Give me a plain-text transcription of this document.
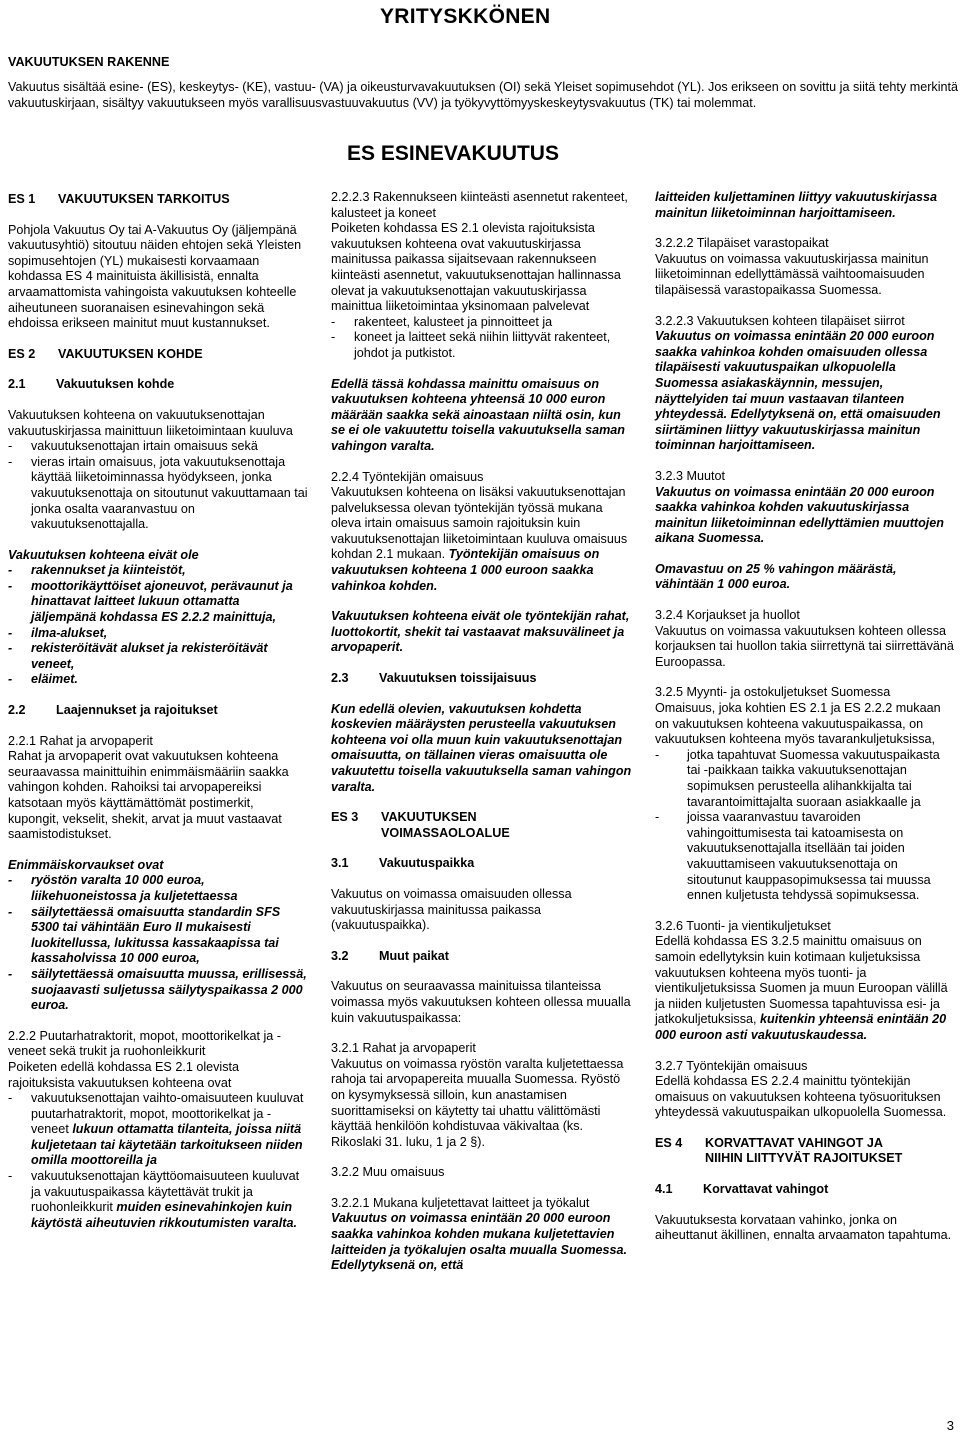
YRITYSKKÖNEN
VAKUUTUKSEN RAKENNE

Vakuutus sisältää esine- (ES), keskeytys- (KE), vastuu- (VA) ja oikeusturvavakuutuksen (OI) sekä Yleiset sopimusehdot (YL). Jos erikseen on sovittu ja siitä tehty merkintä vakuutuskirjaan, sisältyy vakuutukseen myös varallisuusvastuuvakuutus (VV) ja työkyvyttömyyskeskeytysvakuutus (TK) tai molemmat.

ES ESINEVAKUUTUS
ES 1 VAKUUTUKSEN TARKOITUS

Pohjola Vakuutus Oy tai A-Vakuutus Oy (jäljempänä vakuutusyhtiö) sitoutuu näiden ehtojen sekä Yleisten sopimusehtojen (YL) mukaisesti korvaamaan kohdassa ES 4 mainituista äkillisistä, ennalta arvaamattomista vahingoista vakuutuksen kohteelle aiheutuneen suoranaisen esinevahingon sekä ehdoissa erikseen mainitut muut kustannukset.

ES 2 VAKUUTUKSEN KOHDE
2.1 Vakuutuksen kohde

Vakuutuksen kohteena on vakuutuksenottajan vakuutuskirjassa mainittuun liiketoimintaan kuuluva

-	vakuutuksenottajan irtain omaisuus sekä
-	vieras irtain omaisuus, jota vakuutuksenottaja käyttää liiketoiminnassa hyödykseen, jonka vakuutuksenottaja on sitoutunut vakuuttamaan tai jonka osalta vaaranvastuu on vakuutuksenottajalla.

Vakuutuksen kohteena eivät ole

-	rakennukset ja kiinteistöt,
-	moottorikäyttöiset ajoneuvot, perävaunut ja hinattavat laitteet lukuun ottamatta jäljempänä kohdassa ES 2.2.2 mainittuja,
-	ilma-alukset,
-	rekisteröitävät alukset ja rekisteröitävät veneet,
-	eläimet.
2.2 Laajennukset ja rajoitukset

2.2.1 Rahat ja arvopaperit

Rahat ja arvopaperit ovat vakuutuksen kohteena seuraavassa mainittuihin enimmäismääriin saakka vahingon kohden. Rahoiksi tai arvopapereiksi katsotaan myös käyttämättömät postimerkit, kupongit, vekselit, shekit, arvat ja muut vastaavat saamistodistukset.

Enimmäiskorvaukset ovat

-	ryöstön varalta 10 000 euroa, liikehuoneistossa ja kuljetettaessa
-	säilytettäessä omaisuutta standardin SFS 5300 tai vähintään Euro II mukaisesti luokitellussa, lukitussa kassakaapissa tai kassaholvissa 10 000 euroa,
-	säilytettäessä omaisuutta muussa, erillisessä, suojaavasti suljetussa säilytyspaikassa 2 000 euroa.

2.2.2 Puutarhatraktorit, mopot, moottorikelkat ja -veneet sekä trukit ja ruohonleikkurit

Poiketen edellä kohdassa ES 2.1 olevista rajoituksista vakuutuksen kohteena ovat

-	vakuutuksenottajan vaihto-omaisuuteen kuuluvat puutarhatraktorit, mopot, moottorikelkat ja -veneet lukuun ottamatta tilanteita, joissa niitä kuljetetaan tai käytetään tarkoitukseen niiden omilla moottoreilla ja
-	vakuutuksenottajan käyttöomaisuuteen kuuluvat ja vakuutuspaikassa käytettävät trukit ja ruohonleikkurit muiden esinevahinkojen kuin käytöstä aiheutuvien rikkoutumisten varalta.

2.2.2.3 Rakennukseen kiinteästi asennetut rakenteet, kalusteet ja koneet

Poiketen kohdassa ES 2.1 olevista rajoituksista vakuutuksen kohteena ovat vakuutuskirjassa mainitussa paikassa sijaitsevaan rakennukseen kiinteästi asennetut, vakuutuksenottajan hallinnassa olevat ja vakuutuksenottajan vakuutuskirjassa mainittua liiketoimintaa yksinomaan palvelevat

-	rakenteet, kalusteet ja pinnoitteet ja
-	koneet ja laitteet sekä niihin liittyvät rakenteet, johdot ja putkistot.

Edellä tässä kohdassa mainittu omaisuus on vakuutuksen kohteena yhteensä 10 000 euron määrään saakka sekä ainoastaan niiltä osin, kun se ei ole vakuutettu toisella vakuutuksella saman vahingon varalta.

2.2.4 Työntekijän omaisuus

Vakuutuksen kohteena on lisäksi vakuutuksenottajan palveluksessa olevan työntekijän työssä mukana oleva irtain omaisuus samoin rajoituksin kuin vakuutuksenottajan liiketoimintaan kuuluva omaisuus kohdan 2.1 mukaan. Työntekijän omaisuus on vakuutuksen kohteena 1 000 euroon saakka vahinkoa kohden.

Vakuutuksen kohteena eivät ole työntekijän rahat, luottokortit, shekit tai vastaavat maksuvälineet ja arvopaperit.

2.3 Vakuutuksen toissijaisuus

Kun edellä olevien, vakuutuksen kohdetta koskevien määräysten perusteella vakuutuksen kohteena voi olla muun kuin vakuutuksenottajan omaisuutta, on tällainen vieras omaisuutta ole vakuutettu toisella vakuutuksella saman vahingon varalta.

ES 3	VAKUUTUKSEN
VOIMASSAOLOALUE
3.1 Vakuutuspaikka

Vakuutus on voimassa omaisuuden ollessa vakuutuskirjassa mainitussa paikassa (vakuutuspaikka).

3.2 Muut paikat

Vakuutus on seuraavassa mainituissa tilanteissa voimassa myös vakuutuksen kohteen ollessa muualla kuin vakuutuspaikassa:

3.2.1 Rahat ja arvopaperit

Vakuutus on voimassa ryöstön varalta kuljetettaessa rahoja tai arvopapereita muualla Suomessa. Ryöstö on kysymyksessä silloin, kun anastamisen suorittamiseksi on käytetty tai uhattu välittömästi käyttää henkilöön kohdistuvaa väkivaltaa (ks. Rikoslaki 31. luku, 1 ja 2 §).

3.2.2 Muu omaisuus

3.2.2.1 Mukana kuljetettavat laitteet ja työkalut

Vakuutus on voimassa enintään 20 000 euroon saakka vahinkoa kohden mukana kuljetettavien laitteiden ja työkalujen osalta muualla Suomessa. Edellytyksenä on, että

laitteiden kuljettaminen liittyy vakuutuskirjassa mainitun liiketoiminnan harjoittamiseen.

3.2.2.2 Tilapäiset varastopaikat

Vakuutus on voimassa vakuutuskirjassa mainitun liiketoiminnan edellyttämässä vaihtoomaisuuden tilapäisessä varastopaikassa Suomessa.

3.2.2.3 Vakuutuksen kohteen tilapäiset siirrot

Vakuutus on voimassa enintään 20 000 euroon saakka vahinkoa kohden omaisuuden ollessa tilapäisesti vakuutuspaikan ulkopuolella Suomessa asiakaskäynnin, messujen, näyttelyiden tai muun vastaavan tilanteen yhteydessä. Edellytyksenä on, että omaisuuden siirtäminen liittyy vakuutuskirjassa mainitun toiminnan harjoittamiseen.

3.2.3 Muutot

Vakuutus on voimassa enintään 20 000 euroon saakka vahinkoa kohden vakuutuskirjassa mainitun liiketoiminnan edellyttämien muuttojen aikana Suomessa.

Omavastuu on 25 % vahingon määrästä, vähintään 1 000 euroa.

3.2.4 Korjaukset ja huollot

Vakuutus on voimassa vakuutuksen kohteen ollessa korjauksen tai huollon takia siirrettynä tai siirrettävänä Euroopassa.

3.2.5 Myynti- ja ostokuljetukset Suomessa

Omaisuus, joka kohtien ES 2.1 ja ES 2.2.2 mukaan on vakuutuksen kohteena vakuutuspaikassa, on vakuutuksen kohteena myös tavarankuljetuksissa,

-	jotka tapahtuvat Suomessa vakuutuspaikasta tai -paikkaan taikka vakuutuksenottajan sopimuksen perusteella alihankkijalta tai tavarantoimittajalta suoraan asiakkaalle ja
-	joissa vaaranvastuu tavaroiden vahingoittumisesta tai katoamisesta on vakuutuksenottajalla itsellään tai joiden vakuuttamiseen vakuutuksenottaja on sitoutunut kauppasopimuksessa tai muussa ennen kuljetusta tehdyssä sopimuksessa.

3.2.6 Tuonti- ja vientikuljetukset

Edellä kohdassa ES 3.2.5 mainittu omaisuus on samoin edellytyksin kuin kotimaan kuljetuksissa vakuutuksen kohteena myös tuonti- ja vientikuljetuksissa Suomen ja muun Euroopan välillä ja niiden kuljetusten Suomessa tapahtuvissa esi- ja jatkokuljetuksissa, kuitenkin yhteensä enintään 20 000 euroon asti vakuutuskaudessa.

3.2.7 Työntekijän omaisuus

Edellä kohdassa ES 2.2.4 mainittu työntekijän omaisuus on vakuutuksen kohteena työsuorituksen yhteydessä vakuutuspaikan ulkopuolella Suomessa.

ES 4	KORVATTAVAT VAHINGOT JA
NIIHIN LIITTYVÄT RAJOITUKSET
4.1 Korvattavat vahingot

Vakuutuksesta korvataan vahinko, jonka on aiheuttanut äkillinen, ennalta arvaamaton tapahtuma.

3
